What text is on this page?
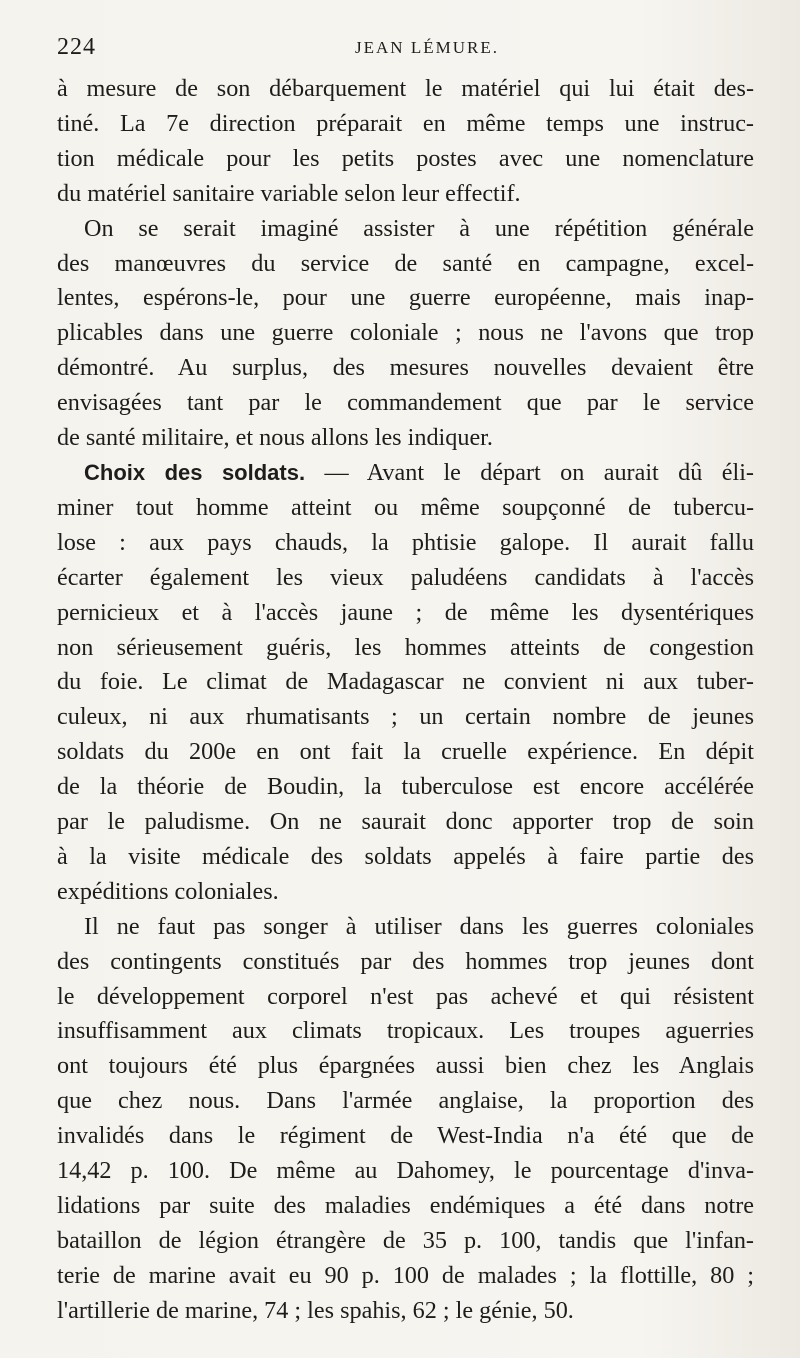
224	JEAN LÉMURE.
à mesure de son débarquement le matériel qui lui était des-
tiné. La 7e direction préparait en même temps une instruc-
tion médicale pour les petits postes avec une nomenclature
du matériel sanitaire variable selon leur effectif.
On se serait imaginé assister à une répétition générale
des manœuvres du service de santé en campagne, excel-
lentes, espérons-le, pour une guerre européenne, mais inap-
plicables dans une guerre coloniale ; nous ne l'avons que trop
démontré. Au surplus, des mesures nouvelles devaient être
envisagées tant par le commandement que par le service
de santé militaire, et nous allons les indiquer.
Choix des soldats. — Avant le départ on aurait dû éli-
miner tout homme atteint ou même soupçonné de tubercu-
lose : aux pays chauds, la phtisie galope. Il aurait fallu
écarter également les vieux paludéens candidats à l'accès
pernicieux et à l'accès jaune ; de même les dysentériques
non sérieusement guéris, les hommes atteints de congestion
du foie. Le climat de Madagascar ne convient ni aux tuber-
culeux, ni aux rhumatisants ; un certain nombre de jeunes
soldats du 200e en ont fait la cruelle expérience. En dépit
de la théorie de Boudin, la tuberculose est encore accélérée
par le paludisme. On ne saurait donc apporter trop de soin
à la visite médicale des soldats appelés à faire partie des
expéditions coloniales.
Il ne faut pas songer à utiliser dans les guerres coloniales
des contingents constitués par des hommes trop jeunes dont
le développement corporel n'est pas achevé et qui résistent
insuffisamment aux climats tropicaux. Les troupes aguerries
ont toujours été plus épargnées aussi bien chez les Anglais
que chez nous. Dans l'armée anglaise, la proportion des
invalidés dans le régiment de West-India n'a été que de
14,42 p. 100. De même au Dahomey, le pourcentage d'inva-
lidations par suite des maladies endémiques a été dans notre
bataillon de légion étrangère de 35 p. 100, tandis que l'infan-
terie de marine avait eu 90 p. 100 de malades ; la flottille, 80 ;
l'artillerie de marine, 74 ; les spahis, 62 ; le génie, 50.
